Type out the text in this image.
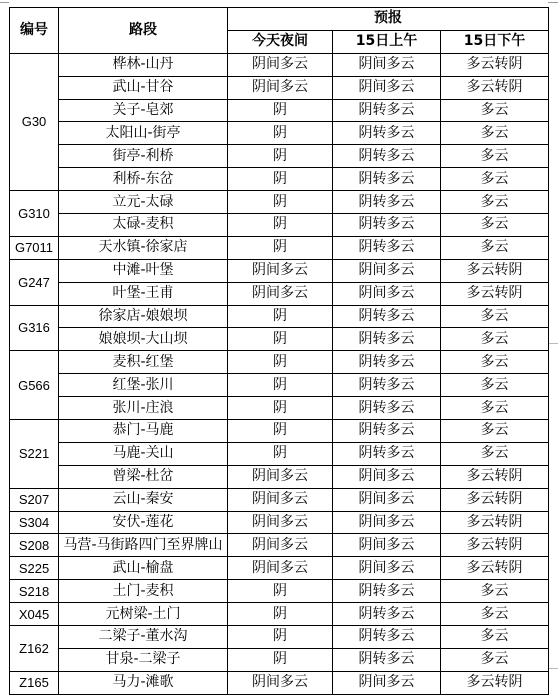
编号	路段	预报		
		今天夜间	15日上午	15日下午
G30	桦林-山丹	阴间多云	阴间多云	多云转阴
	武山-甘谷	阴间多云	阴间多云	多云转阴
	关子-皂郊	阴	阴转多云	多云
	太阳山-街亭	阴	阴转多云	多云
	街亭-利桥	阴	阴转多云	多云
	利桥-东岔	阴	阴转多云	多云
G310	立元-太碌	阴	阴转多云	多云
	太碌-麦积	阴	阴转多云	多云
G7011	天水镇-徐家店	阴	阴转多云	多云
G247	中滩-叶堡	阴间多云	阴间多云	多云转阴
	叶堡-王甫	阴间多云	阴间多云	多云转阴
G316	徐家店-娘娘坝	阴	阴转多云	多云
	娘娘坝-大山坝	阴	阴转多云	多云
G566	麦积-红堡	阴	阴转多云	多云
	红堡-张川	阴	阴转多云	多云
	张川-庄浪	阴	阴转多云	多云
S221	恭门-马鹿	阴	阴转多云	多云
	马鹿-关山	阴	阴转多云	多云
	曾梁-杜岔	阴间多云	阴间多云	多云转阴
S207	云山-秦安	阴间多云	阴间多云	多云转阴
S304	安伏-莲花	阴间多云	阴间多云	多云转阴
S208	马营-马街路四门至界牌山	阴间多云	阴间多云	多云转阴
S225	武山-榆盘	阴间多云	阴间多云	多云转阴
S218	土门-麦积	阴	阴转多云	多云
X045	元树梁-土门	阴	阴转多云	多云
Z162	二梁子-董水沟	阴	阴转多云	多云
	甘泉-二梁子	阴	阴转多云	多云
Z165	马力-滩歌	阴间多云	阴间多云	多云转阴
